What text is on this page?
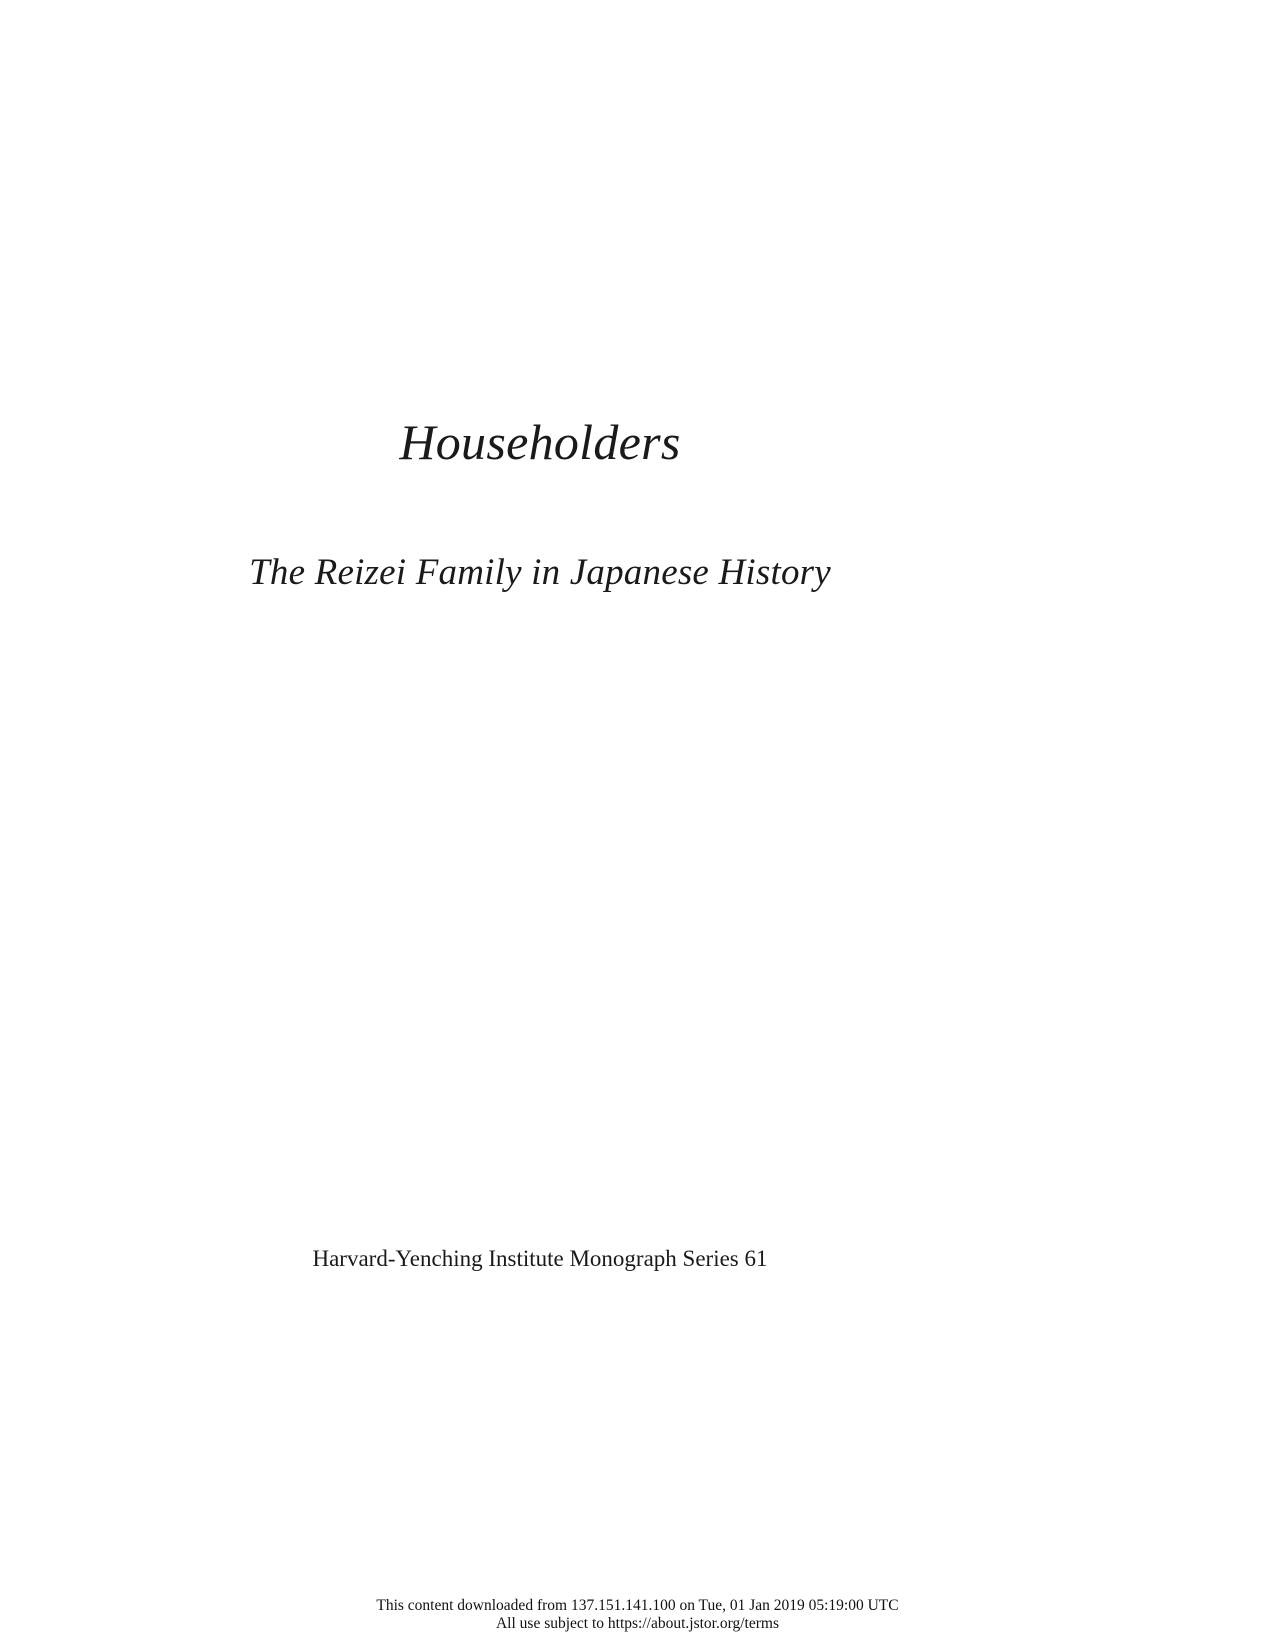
Householders
The Reizei Family in Japanese History

Harvard-Yenching Institute Monograph Series 61

This content downloaded from 137.151.141.100 on Tue, 01 Jan 2019 05:19:00 UTC
All use subject to https://about.jstor.org/terms
